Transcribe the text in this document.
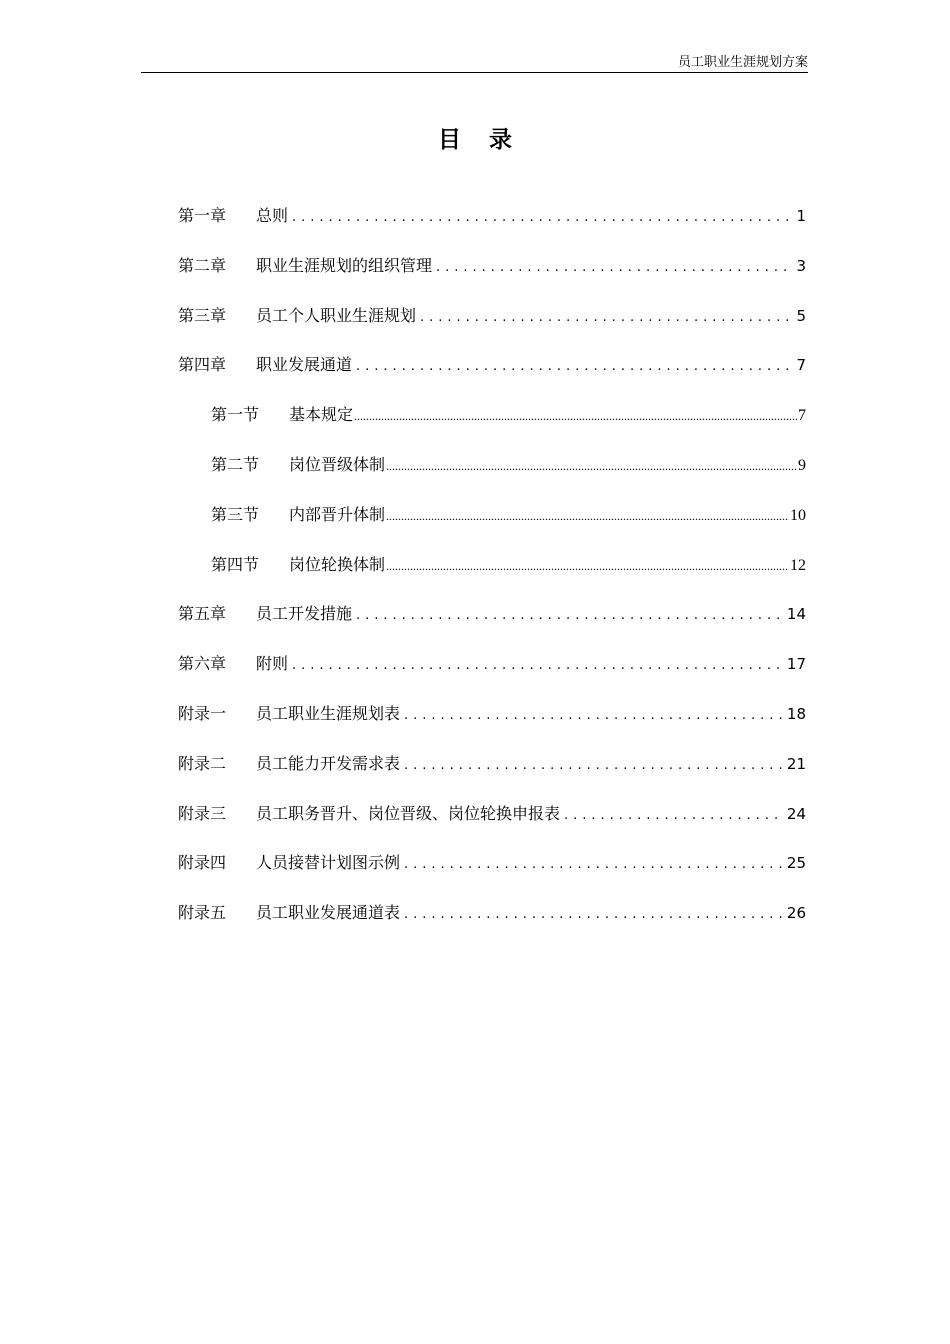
员工职业生涯规划方案
目录
第一章	总则 .....	1
第二章	职业生涯规划的组织管理 .....	3
第三章	员工个人职业生涯规划 .....	5
第四章	职业发展通道 .....	7
第一节	基本规定 .....	7
第二节	岗位晋级体制 .....	9
第三节	内部晋升体制 .....	10
第四节	岗位轮换体制 .....	12
第五章	员工开发措施 .....	14
第六章	附则 .....	17
附录一	员工职业生涯规划表 .....	18
附录二	员工能力开发需求表 .....	21
附录三	员工职务晋升、岗位晋级、岗位轮换申报表 .....	24
附录四	人员接替计划图示例 .....	25
附录五	员工职业发展通道表 .....	26
